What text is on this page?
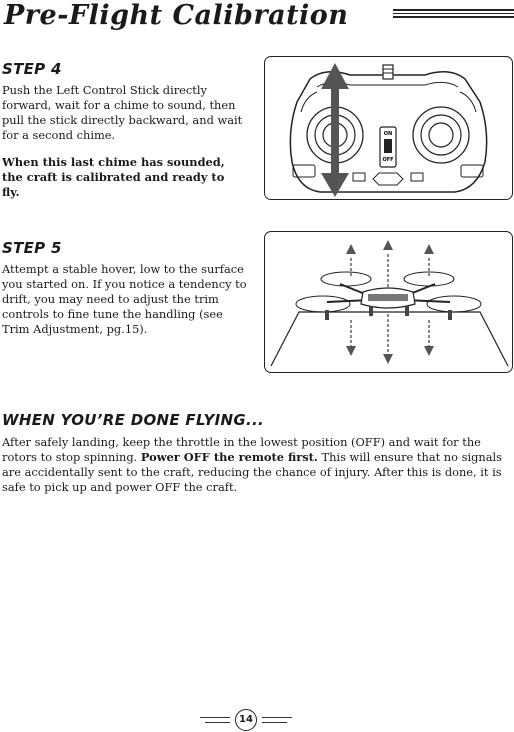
Pre-Flight Calibration
STEP 4

Push the Left Control Stick directly forward, wait for a chime to sound, then pull the stick directly backward, and wait for a second chime.

When this last chime has sounded, the craft is calibrated and ready to fly.

ON
OFF
STEP 5

Attempt a stable hover, low to the surface you started on. If you notice a tendency to drift, you may need to adjust the trim controls to fine tune the handling (see Trim Adjustment, pg.15).

WHEN YOU’RE DONE FLYING...

After safely landing, keep the throttle in the lowest position (OFF) and wait for the rotors to stop spinning. Power OFF the remote first. This will ensure that no signals are accidentally sent to the craft, reducing the chance of injury. After this is done, it is safe to pick up and power OFF the craft.

14
